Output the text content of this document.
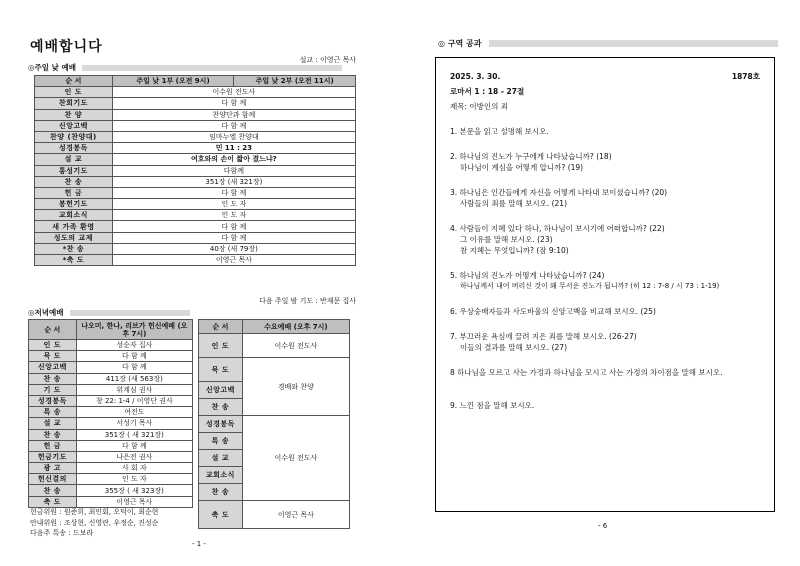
예배합니다
설교 : 이영근 목사
◎주일 낮 예배
순 서	주일 낮 1부 (오전 9시)	주일 낮 2부 (오전 11시)
인 도	이수원 전도사	
찬회기도	다 함 께	
찬 양	찬양단과 함께	
신앙고백	다 함 께	
찬양 (찬양대)	임마누엘 찬양대	
성경봉독	민 11 : 23	
설 교	여호와의 손이 짧아 졌느냐?	
통성기도	다함께	
찬 송	351장 (새 321장)	
헌 금	다 함 께	
봉헌기도	인 도 자	
교회소식	인 도 자	
새 가족 환영	다 함 께	
성도의 교제	다 함 께	
*찬 송	40장 (새 79장)	
*축 도	이영근 목사	
다음 주일 밤 기도 : 반재문 집사
◎저녁예배
순 서	나오미, 한나, 리브가 헌신예배 (오후 7시)
인 도	성순자 집사
묵 도	다 함 께
신앙고백	다 함 께
찬 송	411장 (새 563장)
기 도	위계심 권사
성경봉독	창 22: 1-4 / 이영단 권사
특 송	여전도
설 교	서성기 목사
찬 송	351장 ( 새 321장)
헌 금	다 함 께
헌금기도	나은전 권사
광 고	사 회 자
헌신결의	인 도 자
찬 송	355장 ( 새 323장)
축 도	이영근 목사
순 서	수요예배 (오후 7시)
인 도	이수원 전도사
묵 도	경배와 찬양
신앙고백	
찬 송	
성경봉독	이수원 전도사
특 송	
설 교	
교회소식	
찬 송	
축 도	이영근 목사
헌금위원 : 원준희, 최인회, 오덕이, 최순현
안내위원 : 조상현, 신영란, 우정순, 진성순
다음주 특송 : 드보라
- 1 -
◎ 구역 공과
2025. 3. 30.	1878호
로마서 1 : 18 - 27절
제목: 이방인의 죄
1. 본문을 읽고 설명해 보시오.
2. 하나님의 진노가 누구에게 나타났습니까? (18)
하나님이 계심을 어떻게 압니까? (19)
3. 하나님은 인간들에게 자신을 어떻게 나타내 보이셨습니까? (20)
사람들의 죄를 말해 보시오. (21)
4. 사람들이 지혜 있다 하나, 하나님이 보시기에 어떠합니까? (22)
그 이유를 말해 보시오. (23)
참 지혜는 무엇입니까? (잠 9:10)
5. 하나님의 진노가 어떻게 나타났습니까? (24)
하나님께서 내어 버리신 것이 왜 무서운 진노가 됩니까? (히 12 : 7-8 / 시 73 : 1-19)
6. 우상숭배자들과 사도바울의 신앙고백을 비교해 보시오. (25)
7. 부끄러운 욕심에 끌려 지은 죄를 말해 보시오. (26-27)
이들의 결과를 말해 보시오. (27)
8 하나님을 모르고 사는 가정과 하나님을 모시고 사는 가정의 차이점을 말해 보시오.
9. 느낀 점을 말해 보시오.
- 6
